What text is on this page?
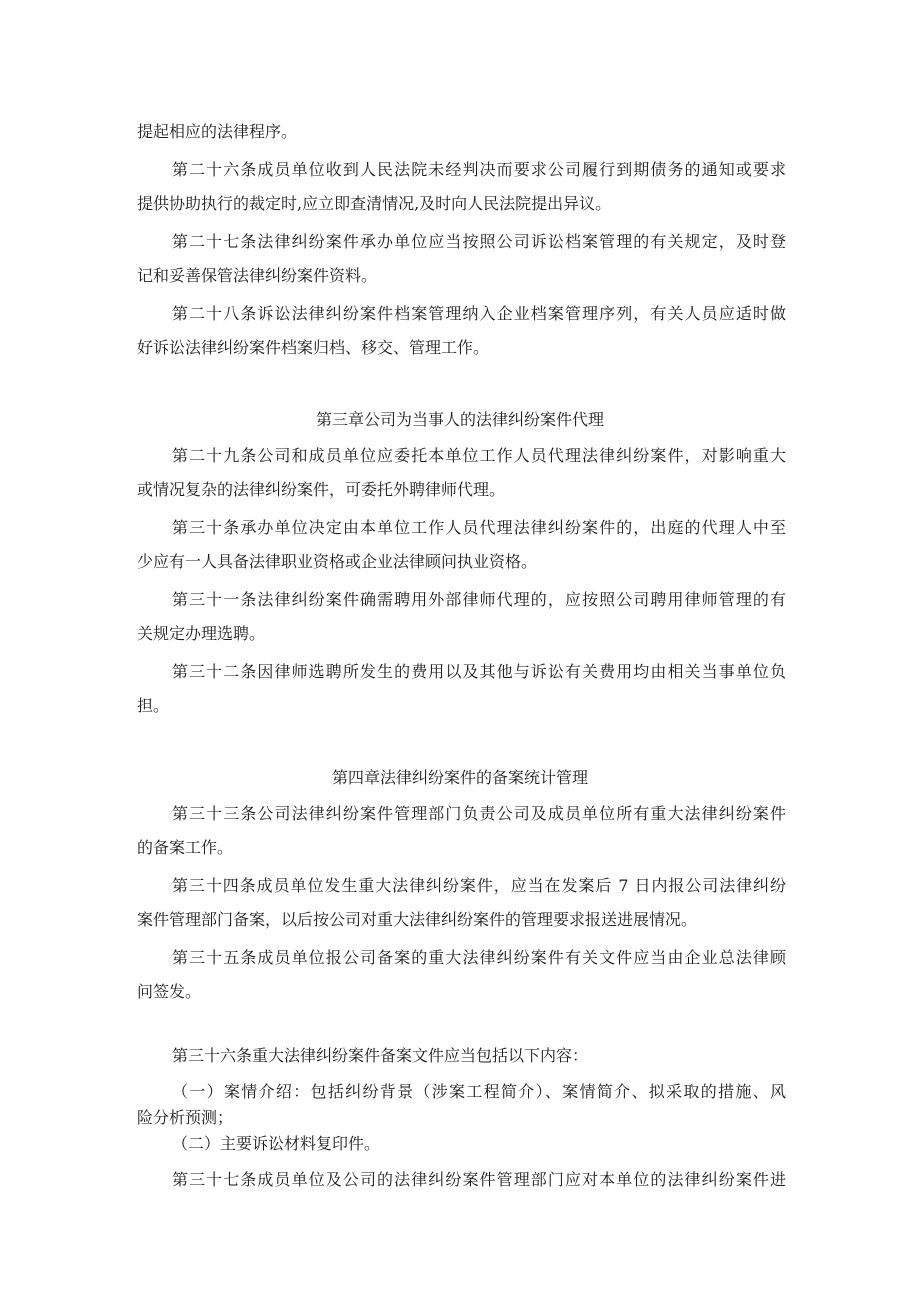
提起相应的法律程序。
第二十六条成员单位收到人民法院未经判决而要求公司履行到期债务的通知或要求
提供协助执行的裁定时,应立即查清情况,及时向人民法院提出异议。
第二十七条法律纠纷案件承办单位应当按照公司诉讼档案管理的有关规定，及时登
记和妥善保管法律纠纷案件资料。
第二十八条诉讼法律纠纷案件档案管理纳入企业档案管理序列，有关人员应适时做
好诉讼法律纠纷案件档案归档、移交、管理工作。
第三章公司为当事人的法律纠纷案件代理
第二十九条公司和成员单位应委托本单位工作人员代理法律纠纷案件，对影响重大
或情况复杂的法律纠纷案件，可委托外聘律师代理。
第三十条承办单位决定由本单位工作人员代理法律纠纷案件的，出庭的代理人中至
少应有一人具备法律职业资格或企业法律顾问执业资格。
第三十一条法律纠纷案件确需聘用外部律师代理的，应按照公司聘用律师管理的有
关规定办理选聘。
第三十二条因律师选聘所发生的费用以及其他与诉讼有关费用均由相关当事单位负
担。
第四章法律纠纷案件的备案统计管理
第三十三条公司法律纠纷案件管理部门负责公司及成员单位所有重大法律纠纷案件
的备案工作。
第三十四条成员单位发生重大法律纠纷案件，应当在发案后 7 日内报公司法律纠纷
案件管理部门备案，以后按公司对重大法律纠纷案件的管理要求报送进展情况。
第三十五条成员单位报公司备案的重大法律纠纷案件有关文件应当由企业总法律顾
问签发。
第三十六条重大法律纠纷案件备案文件应当包括以下内容：
（一）案情介绍：包括纠纷背景（涉案工程简介）、案情简介、拟采取的措施、风
险分析预测；
（二）主要诉讼材料复印件。
第三十七条成员单位及公司的法律纠纷案件管理部门应对本单位的法律纠纷案件进
